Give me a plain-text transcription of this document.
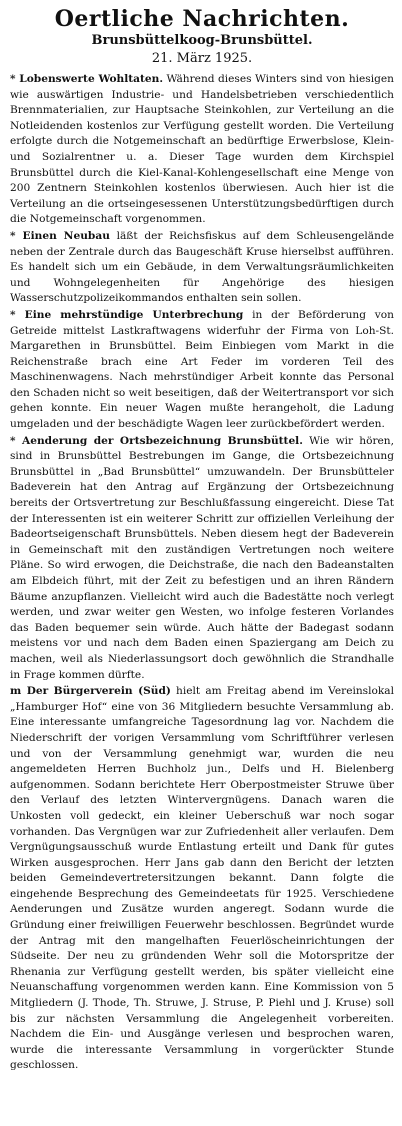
Oertliche Nachrichten.
Brunsbüttelkoog-Brunsbüttel.
21. März 1925.

* Lobenswerte Wohltaten. Während dieses Winters sind von hiesigen wie auswärtigen Industrie- und Handelsbetrieben verschiedentlich Brennmaterialien, zur Hauptsache Steinkohlen, zur Verteilung an die Notleidenden kostenlos zur Verfügung gestellt worden. Die Verteilung erfolgte durch die Notgemeinschaft an bedürftige Erwerbslose, Klein- und Sozialrentner u. a. Dieser Tage wurden dem Kirchspiel Brunsbüttel durch die Kiel-Kanal-Kohlengesellschaft eine Menge von 200 Zentnern Steinkohlen kostenlos überwiesen. Auch hier ist die Verteilung an die ortseingesessenen Unterstützungsbedürftigen durch die Notgemeinschaft vorgenommen.

* Einen Neubau läßt der Reichsfiskus auf dem Schleusengelände neben der Zentrale durch das Baugeschäft Kruse hierselbst aufführen. Es handelt sich um ein Gebäude, in dem Verwaltungsräumlichkeiten und Wohngelegenheiten für Angehörige des hiesigen Wasserschutzpolizeikommandos enthalten sein sollen.

* Eine mehrstündige Unterbrechung in der Beförderung von Getreide mittelst Lastkraftwagens widerfuhr der Firma von Loh-St. Margarethen in Brunsbüttel. Beim Einbiegen vom Markt in die Reichenstraße brach eine Art Feder im vorderen Teil des Maschinenwagens. Nach mehrstündiger Arbeit konnte das Personal den Schaden nicht so weit beseitigen, daß der Weitertransport vor sich gehen konnte. Ein neuer Wagen mußte herangeholt, die Ladung umgeladen und der beschädigte Wagen leer zurückbefördert werden.

* Aenderung der Ortsbezeichnung Brunsbüttel. Wie wir hören, sind in Brunsbüttel Bestrebungen im Gange, die Ortsbezeichnung Brunsbüttel in „Bad Brunsbüttel“ umzuwandeln. Der Brunsbütteler Badeverein hat den Antrag auf Ergänzung der Ortsbezeichnung bereits der Ortsvertretung zur Beschlußfassung eingereicht. Diese Tat der Interessenten ist ein weiterer Schritt zur offiziellen Verleihung der Badeortseigenschaft Brunsbüttels. Neben diesem hegt der Badeverein in Gemeinschaft mit den zuständigen Vertretungen noch weitere Pläne. So wird erwogen, die Deichstraße, die nach den Badeanstalten am Elbdeich führt, mit der Zeit zu befestigen und an ihren Rändern Bäume anzupflanzen. Vielleicht wird auch die Badestätte noch verlegt werden, und zwar weiter gen Westen, wo infolge festeren Vorlandes das Baden bequemer sein würde. Auch hätte der Badegast sodann meistens vor und nach dem Baden einen Spaziergang am Deich zu machen, weil als Niederlassungsort doch gewöhnlich die Strandhalle in Frage kommen dürfte.

m Der Bürgerverein (Süd) hielt am Freitag abend im Vereinslokal „Hamburger Hof“ eine von 36 Mitgliedern besuchte Versammlung ab. Eine interessante umfangreiche Tagesordnung lag vor. Nachdem die Niederschrift der vorigen Versammlung vom Schriftführer verlesen und von der Versammlung genehmigt war, wurden die neu angemeldeten Herren Buchholz jun., Delfs und H. Bielenberg aufgenommen. Sodann berichtete Herr Oberpostmeister Struwe über den Verlauf des letzten Wintervergnügens. Danach waren die Unkosten voll gedeckt, ein kleiner Ueberschuß war noch sogar vorhanden. Das Vergnügen war zur Zufriedenheit aller verlaufen. Dem Vergnügungsausschuß wurde Entlastung erteilt und Dank für gutes Wirken ausgesprochen. Herr Jans gab dann den Bericht der letzten beiden Gemeindevertretersitzungen bekannt. Dann folgte die eingehende Besprechung des Gemeindeetats für 1925. Verschiedene Aenderungen und Zusätze wurden angeregt. Sodann wurde die Gründung einer freiwilligen Feuerwehr beschlossen. Begründet wurde der Antrag mit den mangelhaften Feuerlöscheinrichtungen der Südseite. Der neu zu gründenden Wehr soll die Motorspritze der Rhenania zur Verfügung gestellt werden, bis später vielleicht eine Neuanschaffung vorgenommen werden kann. Eine Kommission von 5 Mitgliedern (J. Thode, Th. Struwe, J. Struse, P. Piehl und J. Kruse) soll bis zur nächsten Versammlung die Angelegenheit vorbereiten. Nachdem die Ein- und Ausgänge verlesen und besprochen waren, wurde die interessante Versammlung in vorgerückter Stunde geschlossen.
